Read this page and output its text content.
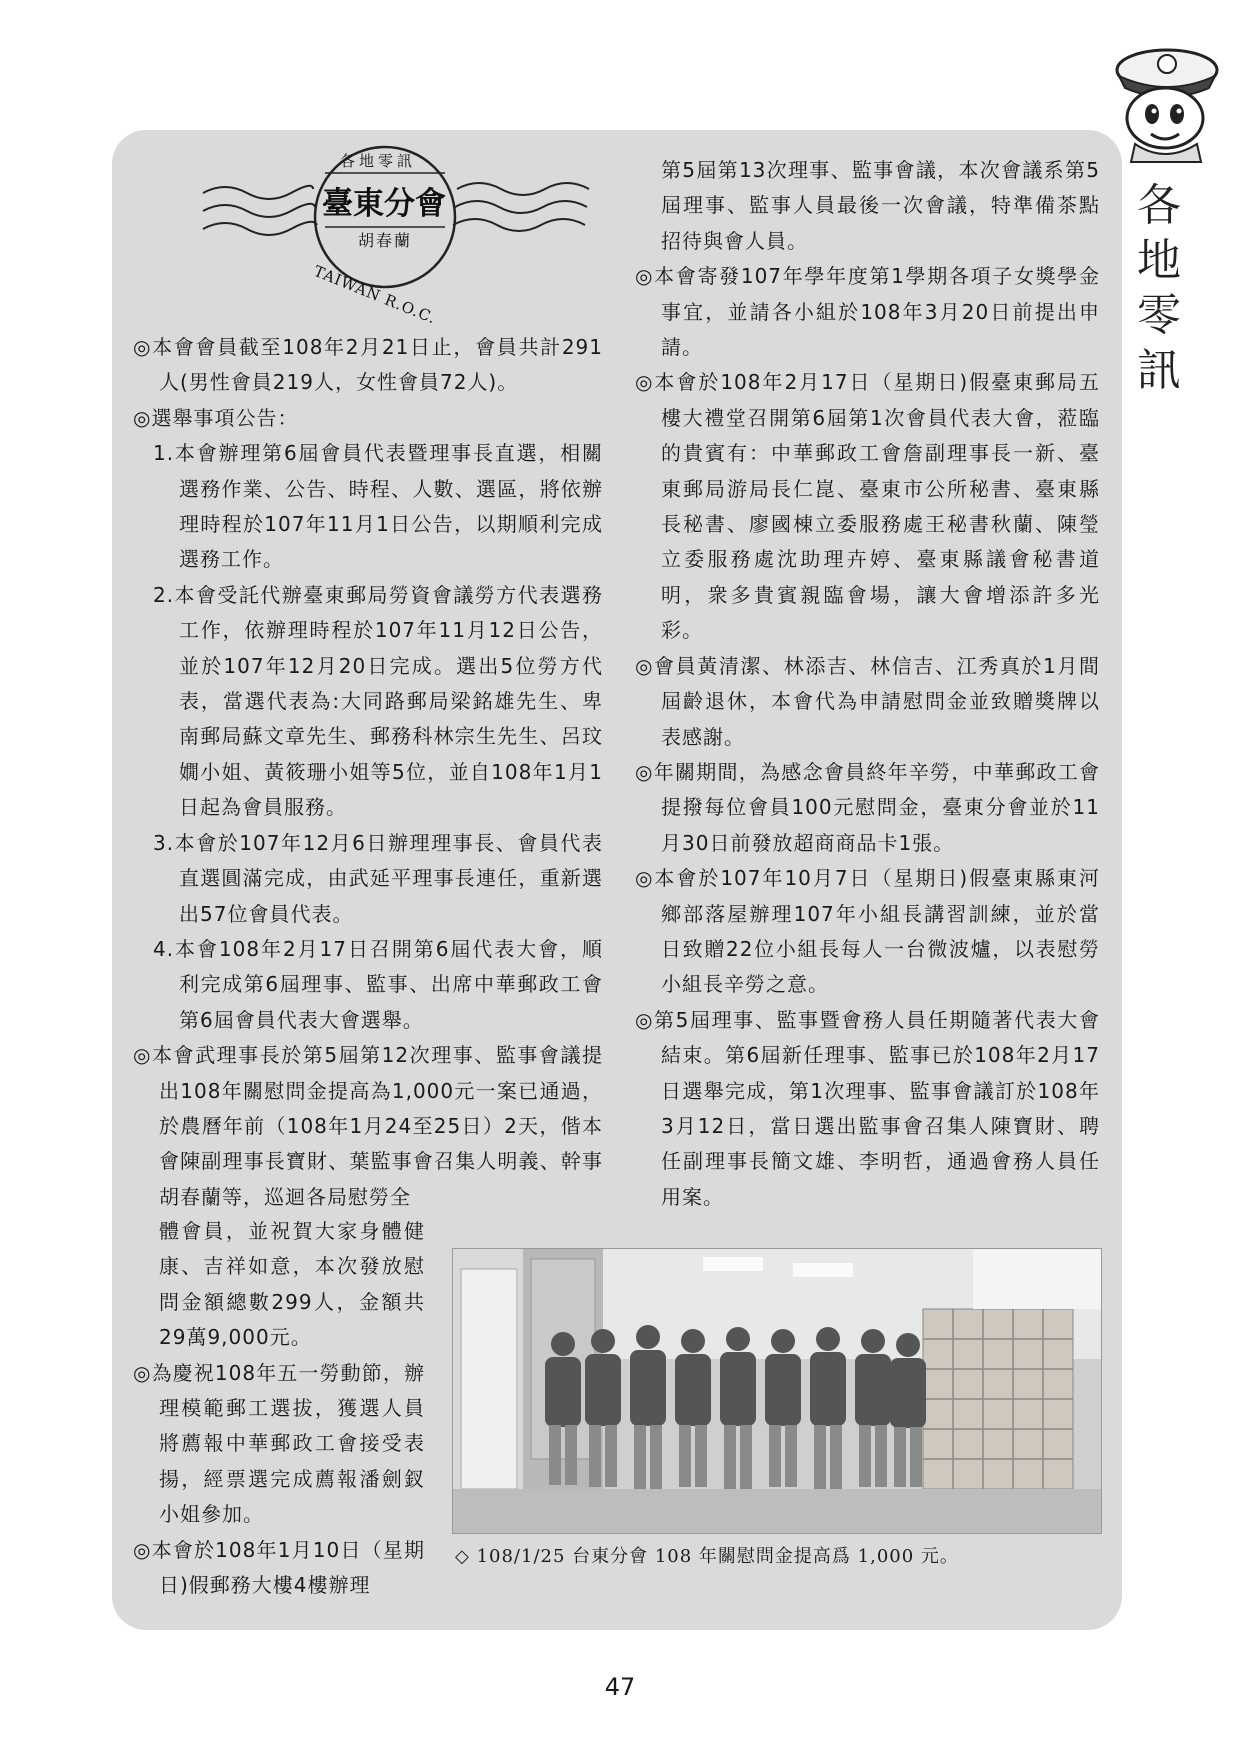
各
地
零
訊
各地零訊
臺東分會
胡春蘭
TAIWAN R.O.C.

◎本會會員截至108年2月21日止，會員共計291人(男性會員219人，女性會員72人)。

◎選舉事項公告：

1.本會辦理第6屆會員代表暨理事長直選，相關選務作業、公告、時程、人數、選區，將依辦理時程於107年11月1日公告，以期順利完成選務工作。

2.本會受託代辦臺東郵局勞資會議勞方代表選務工作，依辦理時程於107年11月12日公告，並於107年12月20日完成。選出5位勞方代表，當選代表為:大同路郵局梁銘雄先生、卑南郵局蘇文章先生、郵務科林宗生先生、呂玟嫺小姐、黃筱珊小姐等5位，並自108年1月1日起為會員服務。

3.本會於107年12月6日辦理理事長、會員代表直選圓滿完成，由武延平理事長連任，重新選出57位會員代表。

4.本會108年2月17日召開第6屆代表大會，順利完成第6屆理事、監事、出席中華郵政工會第6屆會員代表大會選舉。

◎本會武理事長於第5屆第12次理事、監事會議提出108年關慰問金提高為1,000元一案已通過，於農曆年前（108年1月24至25日）2天，偕本會陳副理事長寶財、葉監事會召集人明義、幹事胡春蘭等，巡迴各局慰勞全

體會員，並祝賀大家身體健康、吉祥如意，本次發放慰問金額總數299人，金額共29萬9,000元。

◎為慶祝108年五一勞動節，辦理模範郵工選拔，獲選人員將薦報中華郵政工會接受表揚，經票選完成薦報潘劍釵小姐參加。

◎本會於108年1月10日（星期日)假郵務大樓4樓辦理

第5屆第13次理事、監事會議，本次會議系第5屆理事、監事人員最後一次會議，特準備茶點招待與會人員。

◎本會寄發107年學年度第1學期各項子女獎學金事宜，並請各小組於108年3月20日前提出申請。

◎本會於108年2月17日（星期日)假臺東郵局五樓大禮堂召開第6屆第1次會員代表大會，蒞臨的貴賓有：中華郵政工會詹副理事長一新、臺東郵局游局長仁崑、臺東市公所秘書、臺東縣長秘書、廖國棟立委服務處王秘書秋蘭、陳瑩立委服務處沈助理卉婷、臺東縣議會秘書道明，衆多貴賓親臨會場，讓大會增添許多光彩。

◎會員黃清潔、林添吉、林信吉、江秀真於1月間屆齡退休，本會代為申請慰問金並致贈獎牌以表感謝。

◎年關期間，為感念會員終年辛勞，中華郵政工會提撥每位會員100元慰問金，臺東分會並於11月30日前發放超商商品卡1張。

◎本會於107年10月7日（星期日)假臺東縣東河鄉部落屋辦理107年小組長講習訓練，並於當日致贈22位小組長每人一台微波爐，以表慰勞小組長辛勞之意。

◎第5屆理事、監事暨會務人員任期隨著代表大會結束。第6屆新任理事、監事已於108年2月17日選舉完成，第1次理事、監事會議訂於108年3月12日，當日選出監事會召集人陳寶財、聘任副理事長簡文雄、李明哲，通過會務人員任用案。

◇ 108/1/25 台東分會 108 年關慰問金提高爲 1,000 元。
47
